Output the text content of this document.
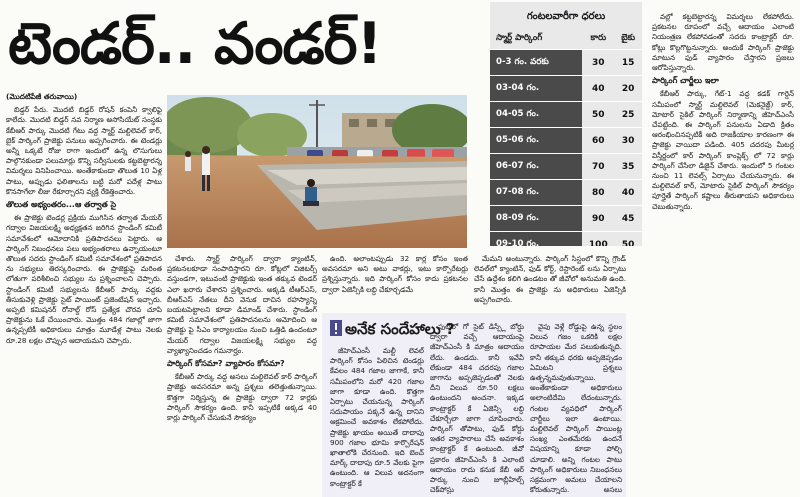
టెండర్.. వండర్!

(మొదటిపేజీ తరువాయి)

బిడ్డర్ పేరు. మొదటి బిడ్డర్ రోషన్ కంపెనీ క్వాలిఫై కాలేదు. మొదటి బిడ్డర్ నవ నిర్మాణ అసోసియేట్ సంస్థకు కేబీఆర్ పార్కు మొదటి గేటు వద్ద స్మార్ట్ మల్టిలెవల్ కార్, బైక్ పార్కింగ్ ప్రాజెక్టు పనులు అప్పగించారు. ఈ టెండర్లు అన్నీ ఒక్కటే రోజు రాగా ఇందులో ఉన్న లొసుగులు పాల్గొనకుండా పలుమార్లు కొన్ని సర్వీసులకు కట్టబెట్టారన్న విమర్శలు వినిపించాయి. అంతేకాకుండా తొలుత 10 ఏళ్ల పాటు, అప్పుడు ఫలితాలను బట్టి మరో పదేళ్ల పాటు కొనసాగేలా లీజు రేకూర్చారని వ్యక్తి రేకెత్తించారు.

తొలుత అభ్యంతరం...ఆ తర్వాత సై

ఈ ప్రాజెక్టు టెండర్ల ప్రక్రియ ముగిసిన తర్వాత మేయర్ గద్వాల విజయలక్ష్మి అధ్యక్షతన జరిగిన స్టాండింగ్ కమిటీ సమావేశంలో ఆమోదానికి ప్రతిపాదనలు పెట్టారు. ఆ పార్కింగ్ నిబంధనలు పలు అభ్యంతరాలు ఉన్నాయంటూ తొలుత సదరు స్టాండింగ్ కమిటీ సమావేశంలో ప్రతిపాదన ను సభ్యులు తిరస్కరించారు. ఈ ప్రాజెక్టుపై మరింత లోతుగా పరిశీలించి సభ్యుల ను ప్రశ్నించాలని చెప్పారు. స్టాండింగ్ కమిటీ సభ్యులను కేబీఆర్ పార్కు వద్దకు తీసుకువెళ్లి ప్రాజెక్టు సైట్ పాయింట్ ప్రజెంటేషన్ ఇచ్చారు. అప్పటి కమిషనర్ రోనాల్డ్ రోస్ ప్రత్యేక చొరవ చూపి ప్రాజెక్టును ఓకే చేయించారు. మొత్తం 484 గజాల్లో జాగా ఉన్నప్పటికీ అధికారులు మాత్రం మూడేళ్ల పాటు నెలకు రూ.28 లక్షల చొప్పున ఆదాయమని చెప్పారు.

చేశారు. స్మార్ట్ పార్కింగ్ ద్వారా క్యాంటిన్, ప్రకటనలకూడా సంపాదిస్తారని రూ. కోట్లలో విజిటర్స్ వస్తుండగా, ఇటువంటి ప్రాజెక్టుకు ఇంత తక్కువ టెండర్ ఎలా ఖరారు చేశారని ప్రశ్నించారు. అక్కడి టీఆర్ఎస్, బీఆర్ఎస్ నేతలు దీని వెనుక దాచిన రహస్యాన్ని బయటపెట్టాలని కూడా డిమాండ్ చేశారు. స్టాండింగ్ కమిటీ సమావేశంలో ప్రతిపాదనలను ఆమోదించి ఆ ప్రాజెక్టు పై సీఎం కార్యాలయం నుంచి ఒత్తిడి ఉందంటూ మేయర్ గద్వాల విజయలక్ష్మి సభ్యుల వద్ద వ్యాఖ్యానించడం గమనార్హం.

పార్కింగ్ కోసమా? వ్యాపారం కోసమా?

కేబీఆర్ పార్కు వద్ద అసలు మల్టిలెవల్ కార్ పార్కింగ్ ప్రాజెక్టు అవసరమా అన్న ప్రశ్నలు తలెత్తుతున్నాయి. కొత్తగా నిర్మిస్తున్న ఈ ప్రాజెక్టు ద్వారా 72 కార్లకు పార్కింగ్ సౌకర్యం ఉంది. కానీ ఇప్పటికే అక్కడ 40 కార్లు పార్కింగ్ చేసుకునే సౌకర్యం

ఉంది. అలాంటప్పుడు 32 కార్ల కోసం ఇంత అవసరమా అని అటు వాకర్లు, ఇటు కార్పొరేటర్లు ప్రశ్నిస్తున్నారు. ఇది పార్కింగ్ కోసం కాదు ప్రకటనల ద్వారా ఏజెన్సీకి లబ్ధి చేకూర్చడమే

మేమని అంటున్నారు. పార్కింగ్ సిస్టంలో కొన్ని గ్రౌండ్ లెవల్‌లో క్యాంటిన్, ఫుడ్ కోర్ట్, రెస్టారెంట్ లను ఏర్పాటు చేసే ఉద్దేశం కలిగి ఉండటం తో జీవోలో అనుమతి ఉంది. కానీ మొత్తం ఈ ప్రాజెక్టు ను అధికారులు ఏజెన్సీకి అప్పగించారు.

గంటలవారీగా ధరలు
స్మార్ట్ పార్కింగ్	కారు	బైకు
0-3 గం. వరకు	30	15
03-04 గం.	40	20
04-05 గం.	50	25
05-06 గం.	60	30
06-07 గం.	70	35
07-08 గం.	80	40
08-09 గం.	90	45
09-10 గం.	100	50

వల్లో కట్టబెట్టారన్న విమర్శలు లేకపోలేదు. ప్రకటనల రూపంలో వచ్చే ఆదాయం ఎలాంటి నియంత్రణ లేకపోవడంతో సదరు కాంట్రాక్టర్ రూ. కోట్లు కొల్లగొట్టనున్నారు. అందుకే పార్కింగ్ ప్రాజెక్టు మాటున ఫుడ్ వ్యాపారం చేస్తారని ప్రజలు ఆరోపిస్తున్నారు.

పార్కింగ్ చార్జీలు ఇలా

కేబీఆర్ పార్కు, గేట్-1 వద్ద కడక్ గార్డెన్ సమీపంలో స్మార్ట్ మల్టిలెవల్ (మెకనైజ్డ్) కార్, మోటార్ సైకిల్ పార్కింగ్ నిర్మాణాన్ని జీహెచ్ఎంసీ చేపట్టింది. ఈ పార్కింగ్ పనులను ఏడాది క్రితం ఆరంభించినప్పటికీ అది రాజకీయాల కారణంగా ఈ ప్రాజెక్టు వాయిదా పడింది. 405 చదరపు మీటర్ల విస్తీర్ణంలో కార్ పార్కింగ్ కాంప్లెక్స్ లో 72 కార్లు పార్కింగ్ చేసేలా డిజైన్ చేశారు. ఇందులో 5 గంటల నుంచి 11 లెవల్స్ ఏర్పాటు చేయనున్నారు. ఈ మల్టిలెవల్ కార్, మోటారు సైకిల్ పార్కింగ్ సౌకర్యం పూర్తైతే పార్కింగ్ కష్టాలు తీరుతాయని అధికారులు చెబుతున్నారు.

అనేక సందేహాలు ?

జీహెచ్ఎంసీ మల్టీ లెవల్ పార్కింగ్ కోసం పిలిచిన టెండర్లు కేవలం 484 గజాల జాగాకే, కానీ సమీపంలోని మరో 420 గజాల జాగా కూడా ఉంది. కొత్తగా ఏర్పాటు చేయనున్న పార్కింగ్ సదుపాయం పక్కనే ఉన్న దానిని ఆక్రమించే అవకాశం లేకపోలేదు. ప్రాజెక్టు ఖాయం అయితే దాదాపు 900 గజాల భూమి కార్పొరేషన్ ఖాతాలోకి చేరనుంది. ఇది బెంచ్ మార్క్ దాదాపు రూ.5 వేలకు పైగా ఉంటుంది. ఆ విలువ అదనంగా కాంట్రాక్టర్ కే

పుటిలో గో సైట్ డిస్ప్లే బోర్డు ద్వారా వచ్చే ఆదాయంపై జీహెచ్ఎంసీ కి మాత్రం ఆదాయం లేదు. ఉండదు. కానీ ఇవేవీ లేకుండా 484 చదరపు గజాల జాగాను అప్పజెప్పడంతో నెలకు దీని విలువ రూ.50 లక్షలు ఉంటుందని అంచనా. ఇక్కడ కాంట్రాక్టర్ కే ఏజెన్సీ లబ్ధి చేకూర్చేలా జాగా చూపించారు. పార్కింగ్ తోపాటు, ఫుడ్ కోర్టు ఇతర వ్యాపారాలు చేసే అవకాశం కాంట్రాక్టర్ కే ఉంటుంది. జీవో ప్రకారం జీహెచ్ఎంసీ కి ఎలాంటి ఆదాయం రాదు కనుక కేబీ ఆర్ పార్కు నుంచి జూబ్లీహిల్స్ చెక్‌పోస్టు

వైపు వెళ్లే రోడ్డుపై ఉన్న స్థలం విలువ గజం ఒకరికి లక్షల రూపాయల మేర పలుకుతున్నది. కానీ తక్కువ ధరకు అప్పజెప్పడం ఏమిటని ప్రశ్నలు ఉత్పన్నమవుతున్నాయి. అంతేకాకుండా అధికారులు అలాంటిదేమి లేదంటున్నారు. గంటల వ్యవధిలో పార్కింగ్ చార్జీలు ఇలా ఉంటాయి. మల్టిలెవల్ పార్కింగ్ పాయింట్ల సంఖ్య ఎంతమేరకు ఉందనే విషయాన్ని కూడా పోల్చి చూడాలి. అన్ని గంటల పాటు పార్కింగ్ అధికారులు నిబంధనలు సక్రమంగా అమలు చేయాలని కోరుతున్నారు. అసలు
